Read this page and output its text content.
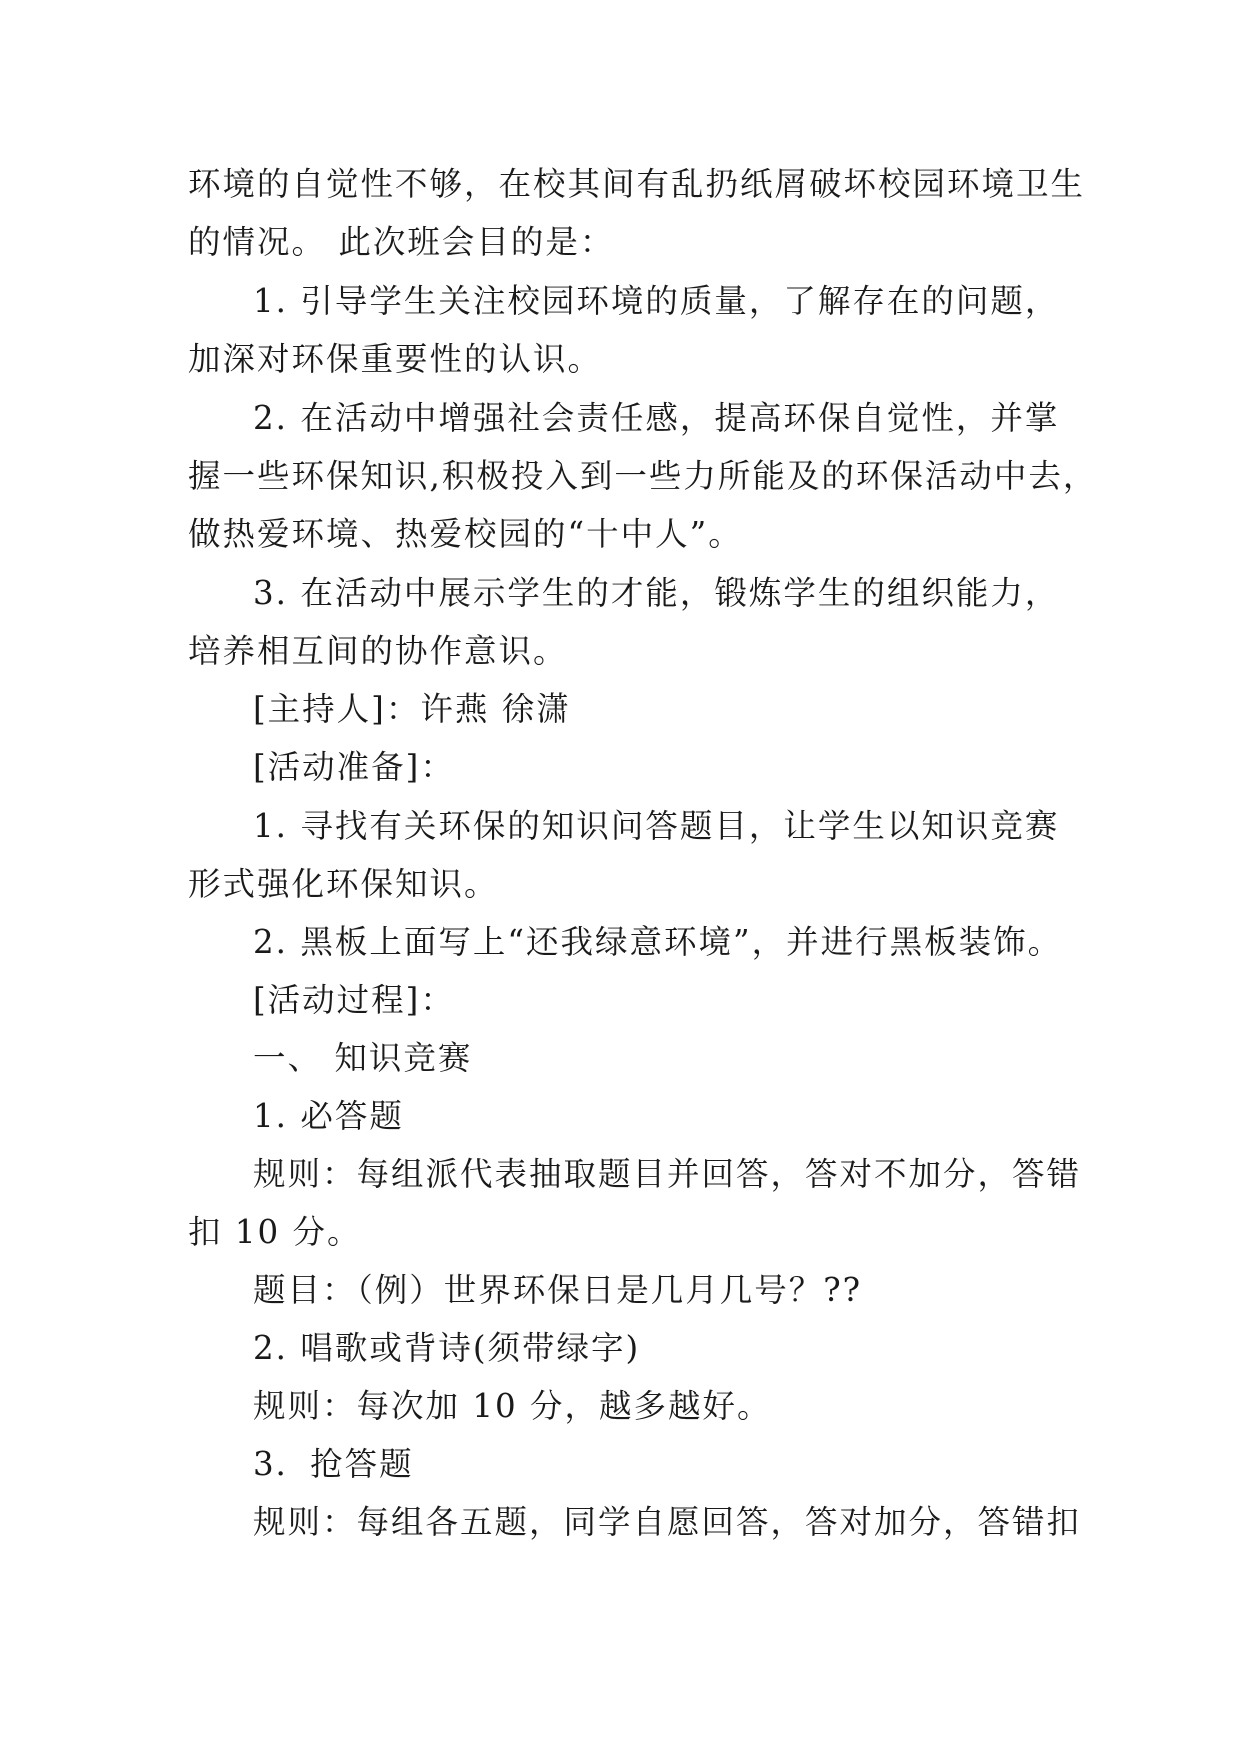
环境的自觉性不够，在校其间有乱扔纸屑破坏校园环境卫生

的情况。 此次班会目的是：

1. 引导学生关注校园环境的质量，了解存在的问题，

加深对环保重要性的认识。

2. 在活动中增强社会责任感，提高环保自觉性，并掌

握一些环保知识,积极投入到一些力所能及的环保活动中去，

做热爱环境、热爱校园的“十中人”。

3. 在活动中展示学生的才能，锻炼学生的组织能力，

培养相互间的协作意识。

[主持人]：许燕 徐潇

[活动准备]：

1. 寻找有关环保的知识问答题目，让学生以知识竞赛

形式强化环保知识。

2. 黑板上面写上“还我绿意环境”，并进行黑板装饰。

[活动过程]：

一、 知识竞赛

1. 必答题

规则：每组派代表抽取题目并回答，答对不加分，答错

扣 10 分。

题目：（例）世界环保日是几月几号？??

2. 唱歌或背诗(须带绿字)

规则：每次加 10 分，越多越好。

3．抢答题

规则：每组各五题，同学自愿回答，答对加分，答错扣
